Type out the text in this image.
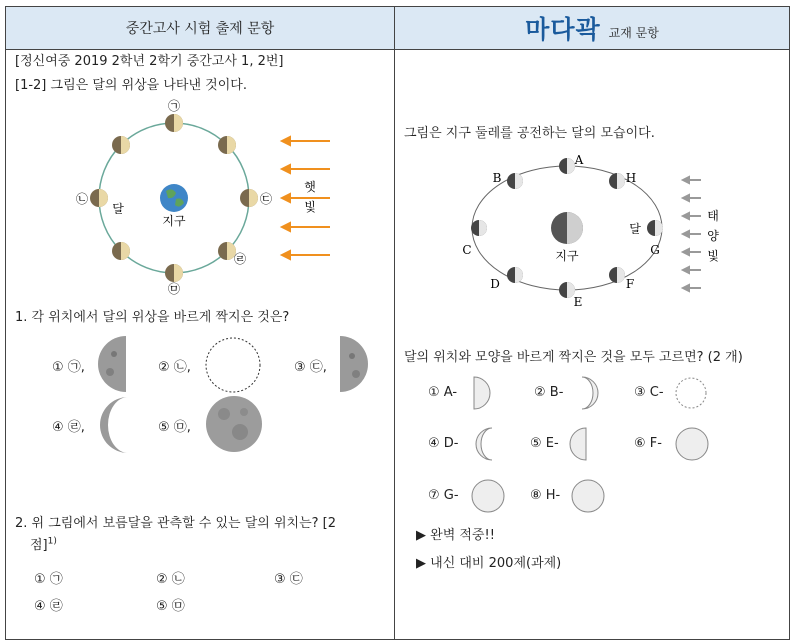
중간고사 시험 출제 문항	마다곽 교재 문항
[정신여중 2019 2학년 2학기 중간고사 1, 2번]
[1-2] 그림은 달의 위상을 나타낸 것이다.
지구
달
㉠
㉡	㉢
㉣
㉤
햇
빛
1. 각 위치에서 달의 위상을 바르게 짝지은 것은?
① ㉠,	② ㉡,	③ ㉢,
④ ㉣,	⑤ ㉤,
2. 위 그림에서 보름달을 관측할 수 있는 달의 위치는? [2
점]$^{1)}$
① ㉠	② ㉡	③ ㉢
④ ㉣	⑤ ㉤
그림은 지구 둘레를 공전하는 달의 모습이다.
지구
달
A
B
C
D
E
F
G
H
태
양
빛
달의 위치와 모양을 바르게 짝지은 것을 모두 고르면? (2 개)
① A-	② B-	③ C-
④ D-	⑤ E-	⑥ F-
⑦ G-	⑧ H-
▶ 완벽 적중!!
▶ 내신 대비 200제(과제)
